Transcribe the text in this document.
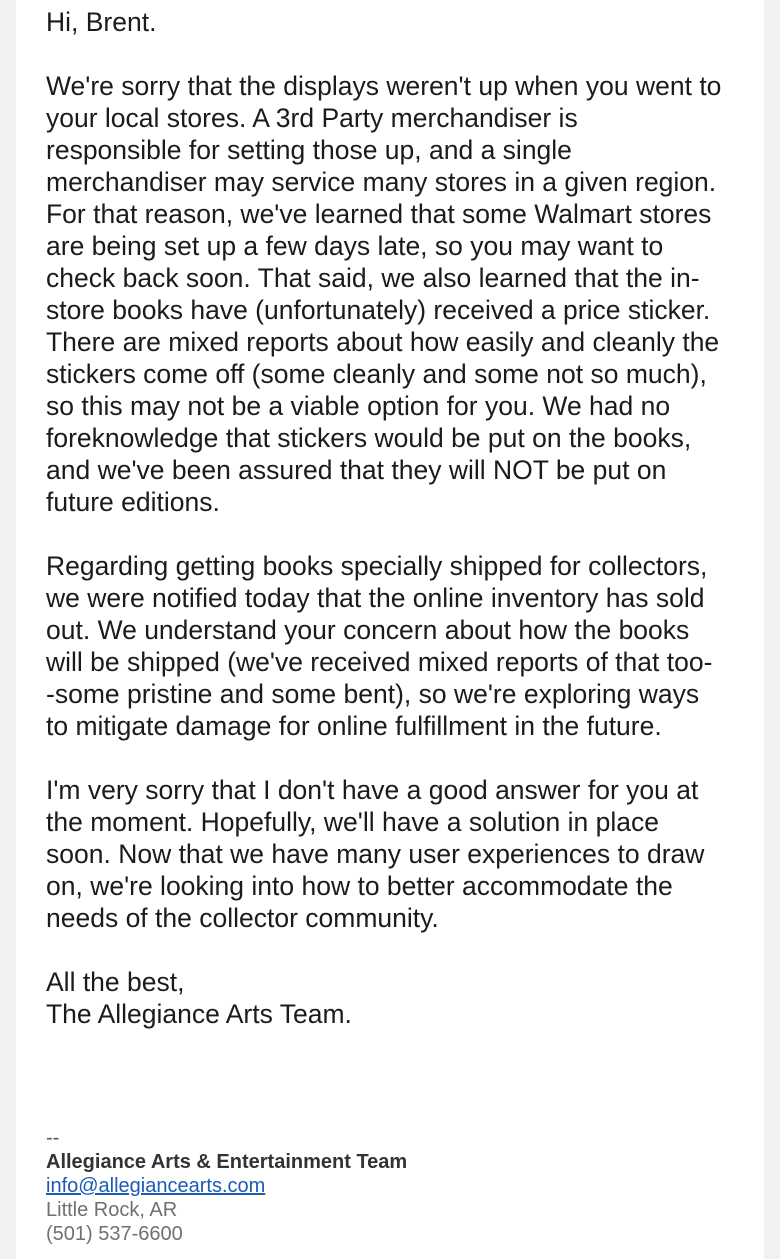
Hi, Brent.
We're sorry that the displays weren't up when you went to
your local stores. A 3rd Party merchandiser is
responsible for setting those up, and a single
merchandiser may service many stores in a given region.
For that reason, we've learned that some Walmart stores
are being set up a few days late, so you may want to
check back soon. That said, we also learned that the in-
store books have (unfortunately) received a price sticker.
There are mixed reports about how easily and cleanly the
stickers come off (some cleanly and some not so much),
so this may not be a viable option for you. We had no
foreknowledge that stickers would be put on the books,
and we've been assured that they will NOT be put on
future editions.
Regarding getting books specially shipped for collectors,
we were notified today that the online inventory has sold
out. We understand your concern about how the books
will be shipped (we've received mixed reports of that too-
-some pristine and some bent), so we're exploring ways
to mitigate damage for online fulfillment in the future.
I'm very sorry that I don't have a good answer for you at
the moment. Hopefully, we'll have a solution in place
soon. Now that we have many user experiences to draw
on, we're looking into how to better accommodate the
needs of the collector community.
All the best,
The Allegiance Arts Team.
--
Allegiance Arts & Entertainment Team
info@allegiancearts.com
Little Rock, AR
(501) 537-6600
